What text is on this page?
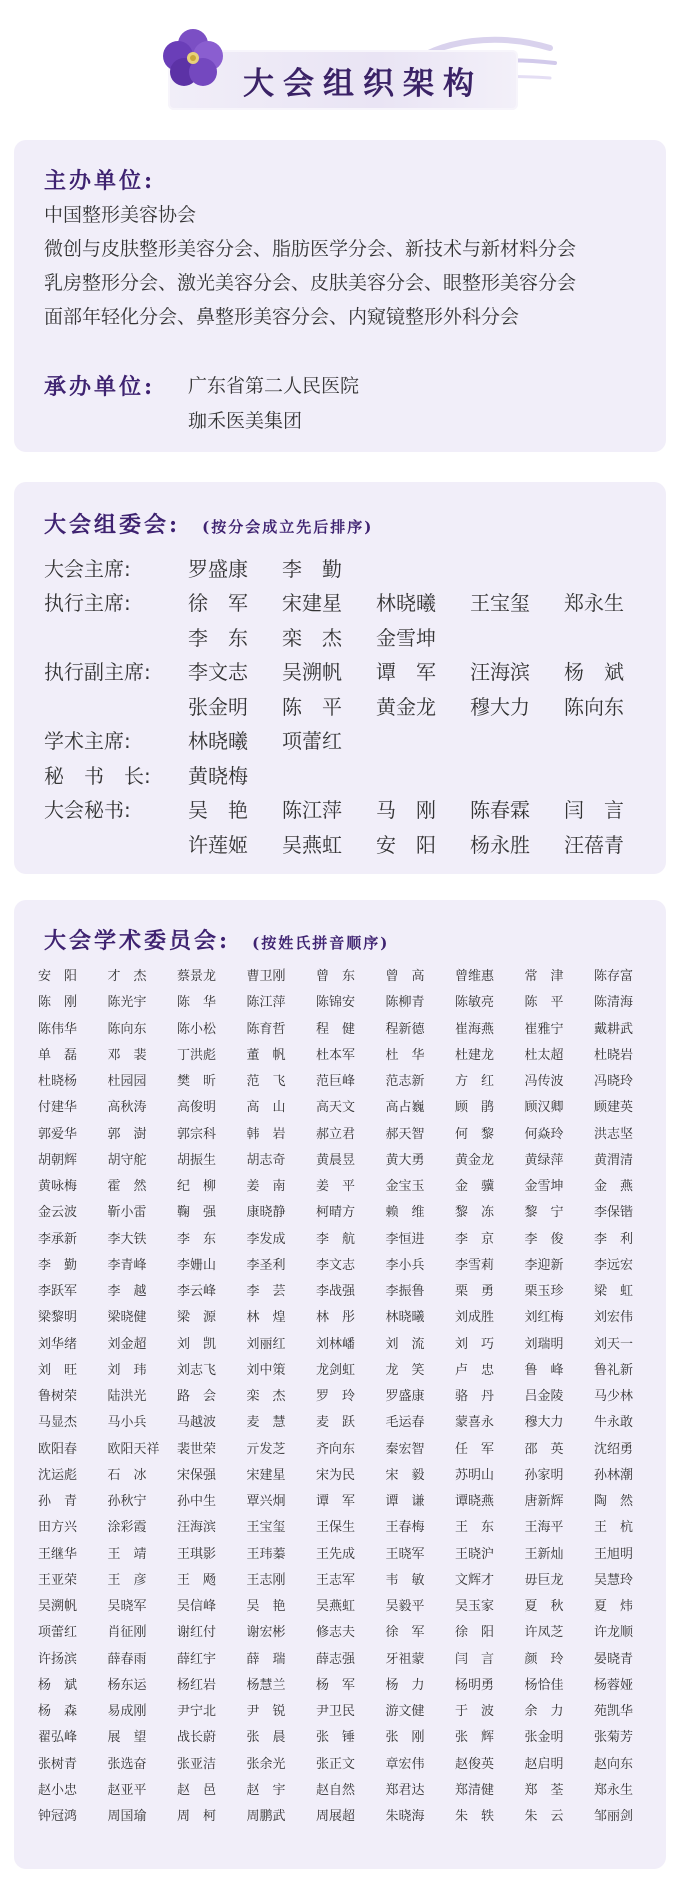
大会组织架构
主办单位:
中国整形美容协会
微创与皮肤整形美容分会、脂肪医学分会、新技术与新材料分会
乳房整形分会、激光美容分会、皮肤美容分会、眼整形美容分会
面部年轻化分会、鼻整形美容分会、内窥镜整形外科分会
承办单位: 广东省第二人民医院
珈禾医美集团
大会组委会: (按分会成立先后排序)
大会主席:	罗盛康	李　勤
执行主席:	徐　军	宋建星	林晓曦	王宝玺	郑永生
李　东	栾　杰	金雪坤
执行副主席:	李文志	吴溯帆	谭　军	汪海滨	杨　斌
张金明	陈　平	黄金龙	穆大力	陈向东
学术主席:	林晓曦	项蕾红
秘　书　长:	黄晓梅
大会秘书:	吴　艳	陈江萍	马　刚	陈春霖	闫　言
许莲姬	吴燕虹	安　阳	杨永胜	汪蓓青
大会学术委员会: (按姓氏拼音顺序)
安　阳	才　杰	蔡景龙	曹卫刚	曾　东	曾　高	曾维惠	常　津	陈存富
陈　刚	陈光宇	陈　华	陈江萍	陈锦安	陈柳青	陈敏亮	陈　平	陈清海
陈伟华	陈向东	陈小松	陈育哲	程　健	程新德	崔海燕	崔雅宁	戴耕武
单　磊	邓　裴	丁洪彪	董　帆	杜本军	杜　华	杜建龙	杜太超	杜晓岩
杜晓杨	杜园园	樊　昕	范　飞	范巨峰	范志新	方　红	冯传波	冯晓玲
付建华	高秋涛	高俊明	高　山	高天文	高占巍	顾　鹃	顾汉卿	顾建英
郭爱华	郭　澍	郭宗科	韩　岩	郝立君	郝天智	何　黎	何焱玲	洪志坚
胡朝辉	胡守舵	胡振生	胡志奇	黄晨昱	黄大勇	黄金龙	黄绿萍	黄渭清
黄咏梅	霍　然	纪　柳	姜　南	姜　平	金宝玉	金　骥	金雪坤	金　燕
金云波	靳小雷	鞠　强	康晓静	柯晴方	赖　维	黎　冻	黎　宁	李保锴
李承新	李大铁	李　东	李发成	李　航	李恒进	李　京	李　俊	李　利
李　勤	李青峰	李姗山	李圣利	李文志	李小兵	李雪莉	李迎新	李远宏
李跃军	李　越	李云峰	李　芸	李战强	李振鲁	栗　勇	栗玉珍	梁　虹
梁黎明	梁晓健	梁　源	林　煌	林　彤	林晓曦	刘成胜	刘红梅	刘宏伟
刘华绪	刘金超	刘　凯	刘丽红	刘林嶓	刘　流	刘　巧	刘瑞明	刘天一
刘　旺	刘　玮	刘志飞	刘中策	龙剑虹	龙　笑	卢　忠	鲁　峰	鲁礼新
鲁树荣	陆洪光	路　会	栾　杰	罗　玲	罗盛康	骆　丹	吕金陵	马少林
马显杰	马小兵	马越波	麦　慧	麦　跃	毛运春	蒙喜永	穆大力	牛永敢
欧阳春	欧阳天祥	裴世荣	亓发芝	齐向东	秦宏智	任　军	邵　英	沈绍勇
沈运彪	石　冰	宋保强	宋建星	宋为民	宋　毅	苏明山	孙家明	孙林潮
孙　青	孙秋宁	孙中生	覃兴炯	谭　军	谭　谦	谭晓燕	唐新辉	陶　然
田方兴	涂彩霞	汪海滨	王宝玺	王保生	王春梅	王　东	王海平	王　杭
王继华	王　靖	王琪影	王玮蓁	王先成	王晓军	王晓沪	王新灿	王旭明
王亚荣	王　彦	王　飏	王志刚	王志军	韦　敏	文辉才	毋巨龙	吴慧玲
吴溯帆	吴晓军	吴信峰	吴　艳	吴燕虹	吴毅平	吴玉家	夏　秋	夏　炜
项蕾红	肖征刚	谢红付	谢宏彬	修志夫	徐　军	徐　阳	许凤芝	许龙顺
许扬滨	薛春雨	薛红宇	薛　瑞	薛志强	牙祖蒙	闫　言	颜　玲	晏晓青
杨　斌	杨东运	杨红岩	杨慧兰	杨　军	杨　力	杨明勇	杨恰佳	杨蓉娅
杨　森	易成刚	尹宁北	尹　锐	尹卫民	游文健	于　波	余　力	苑凯华
翟弘峰	展　望	战长蔚	张　晨	张　锤	张　刚	张　辉	张金明	张菊芳
张树青	张选奋	张亚洁	张余光	张正文	章宏伟	赵俊英	赵启明	赵向东
赵小忠	赵亚平	赵　邑	赵　宇	赵自然	郑君达	郑清健	郑　荃	郑永生
钟冠鸿	周国瑜	周　柯	周鹏武	周展超	朱晓海	朱　轶	朱　云	邹丽剑
